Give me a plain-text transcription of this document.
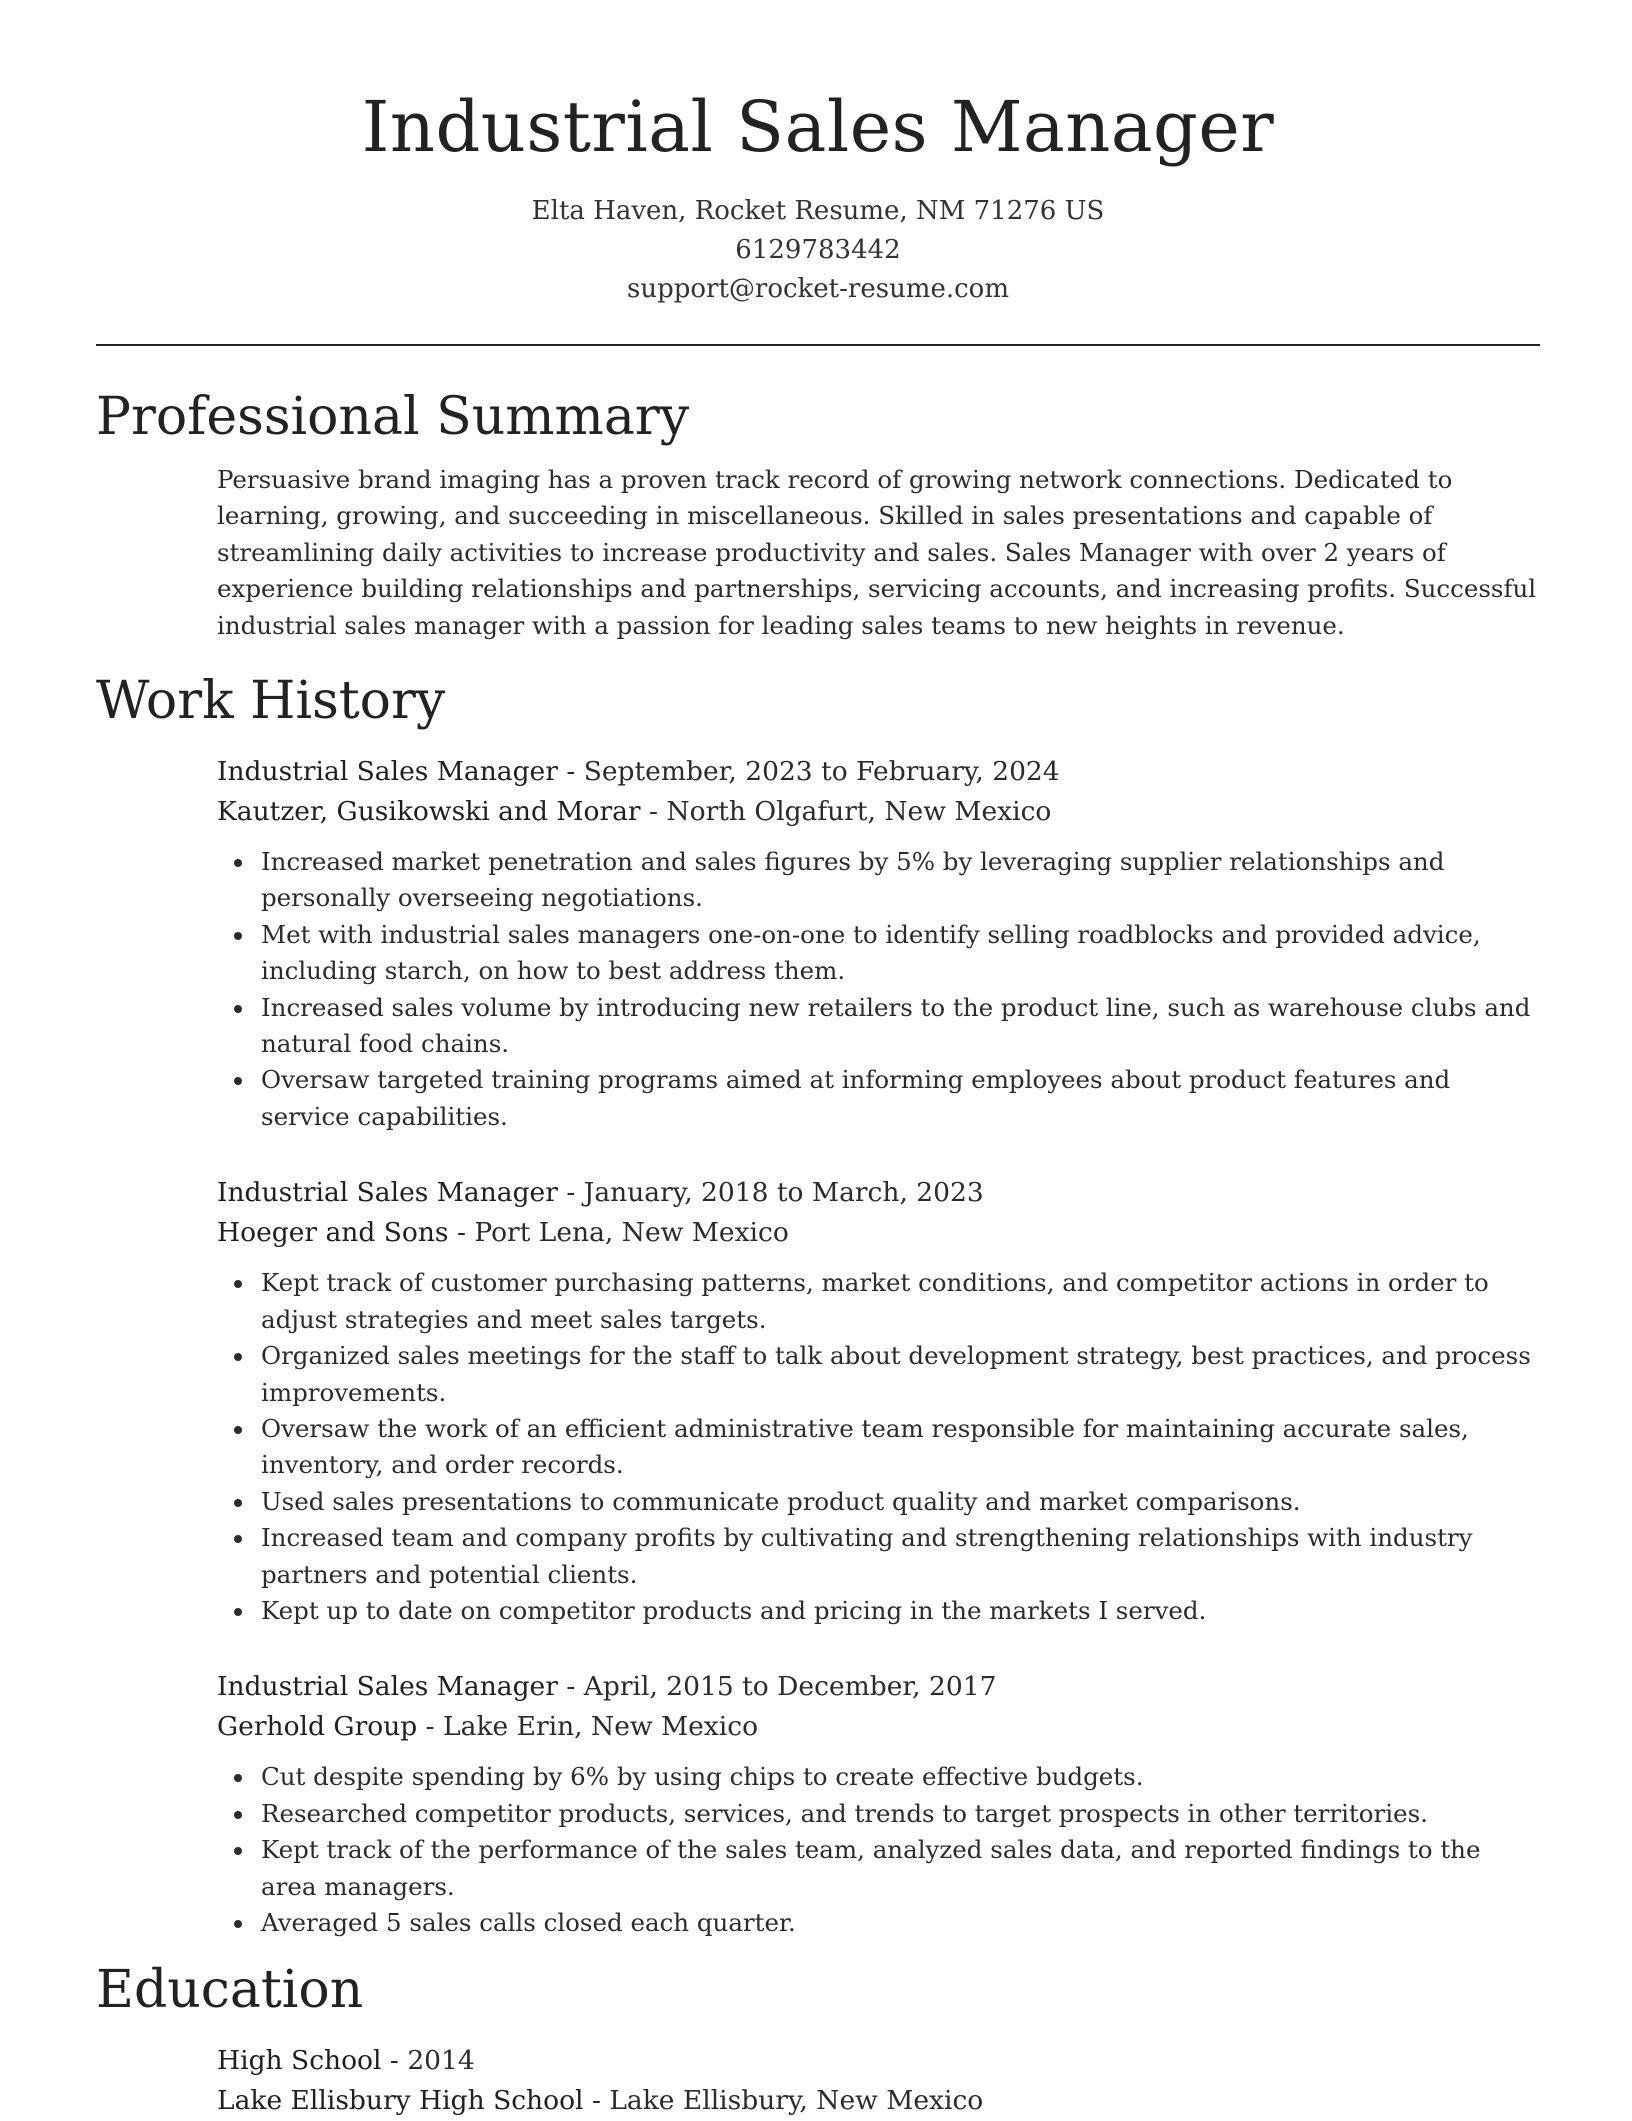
Industrial Sales Manager
Elta Haven, Rocket Resume, NM 71276 US
6129783442
support@rocket-resume.com
Professional Summary
Persuasive brand imaging has a proven track record of growing network connections. Dedicated to learning, growing, and succeeding in miscellaneous. Skilled in sales presentations and capable of streamlining daily activities to increase productivity and sales. Sales Manager with over 2 years of experience building relationships and partnerships, servicing accounts, and increasing profits. Successful industrial sales manager with a passion for leading sales teams to new heights in revenue.
Work History
Industrial Sales Manager - September, 2023 to February, 2024
Kautzer, Gusikowski and Morar - North Olgafurt, New Mexico
Increased market penetration and sales figures by 5% by leveraging supplier relationships and personally overseeing negotiations.
Met with industrial sales managers one-on-one to identify selling roadblocks and provided advice, including starch, on how to best address them.
Increased sales volume by introducing new retailers to the product line, such as warehouse clubs and natural food chains.
Oversaw targeted training programs aimed at informing employees about product features and service capabilities.
Industrial Sales Manager - January, 2018 to March, 2023
Hoeger and Sons - Port Lena, New Mexico
Kept track of customer purchasing patterns, market conditions, and competitor actions in order to adjust strategies and meet sales targets.
Organized sales meetings for the staff to talk about development strategy, best practices, and process improvements.
Oversaw the work of an efficient administrative team responsible for maintaining accurate sales, inventory, and order records.
Used sales presentations to communicate product quality and market comparisons.
Increased team and company profits by cultivating and strengthening relationships with industry partners and potential clients.
Kept up to date on competitor products and pricing in the markets I served.
Industrial Sales Manager - April, 2015 to December, 2017
Gerhold Group - Lake Erin, New Mexico
Cut despite spending by 6% by using chips to create effective budgets.
Researched competitor products, services, and trends to target prospects in other territories.
Kept track of the performance of the sales team, analyzed sales data, and reported findings to the area managers.
Averaged 5 sales calls closed each quarter.
Education
High School - 2014
Lake Ellisbury High School - Lake Ellisbury, New Mexico
